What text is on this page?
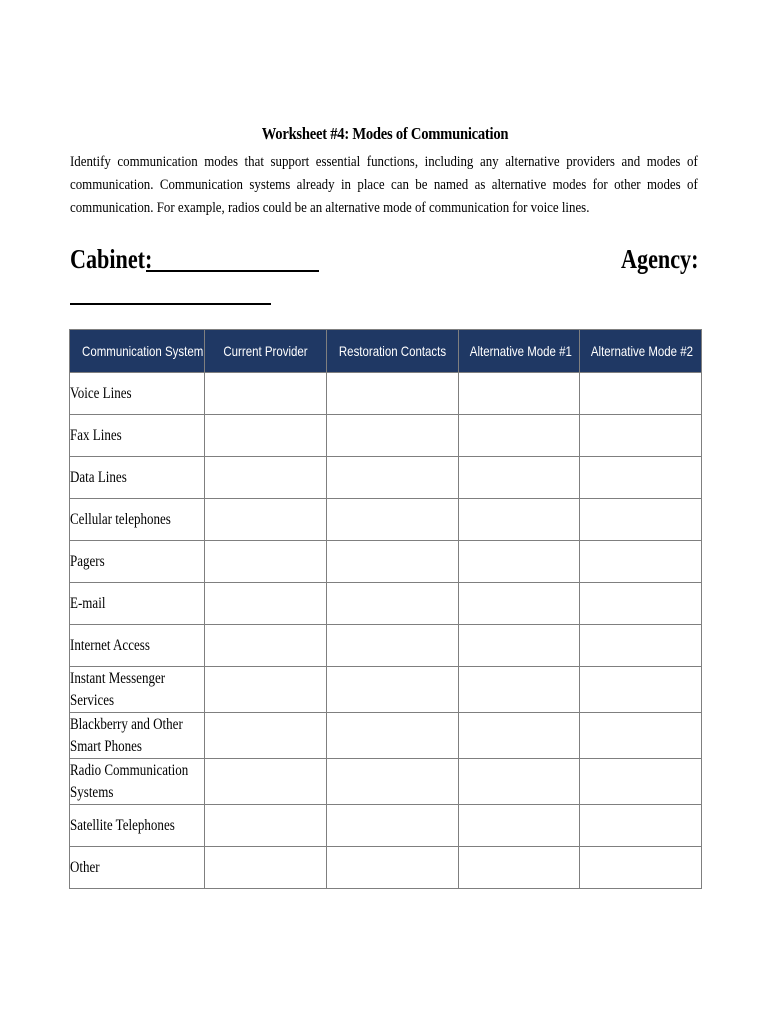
Worksheet #4: Modes of Communication
Identify communication modes that support essential functions, including any alternative providers and modes of communication. Communication systems already in place can be named as alternative modes for other modes of communication. For example, radios could be an alternative mode of communication for voice lines.
Cabinet:	Agency:
Communication System	Current Provider	Restoration Contacts	Alternative Mode #1	Alternative Mode #2

Voice Lines				

Fax Lines				

Data Lines				

Cellular telephones				

Pagers				

E-mail				

Internet Access				

Instant Messenger Services				

Blackberry and Other Smart Phones				

Radio Communication Systems				

Satellite Telephones				

Other				
